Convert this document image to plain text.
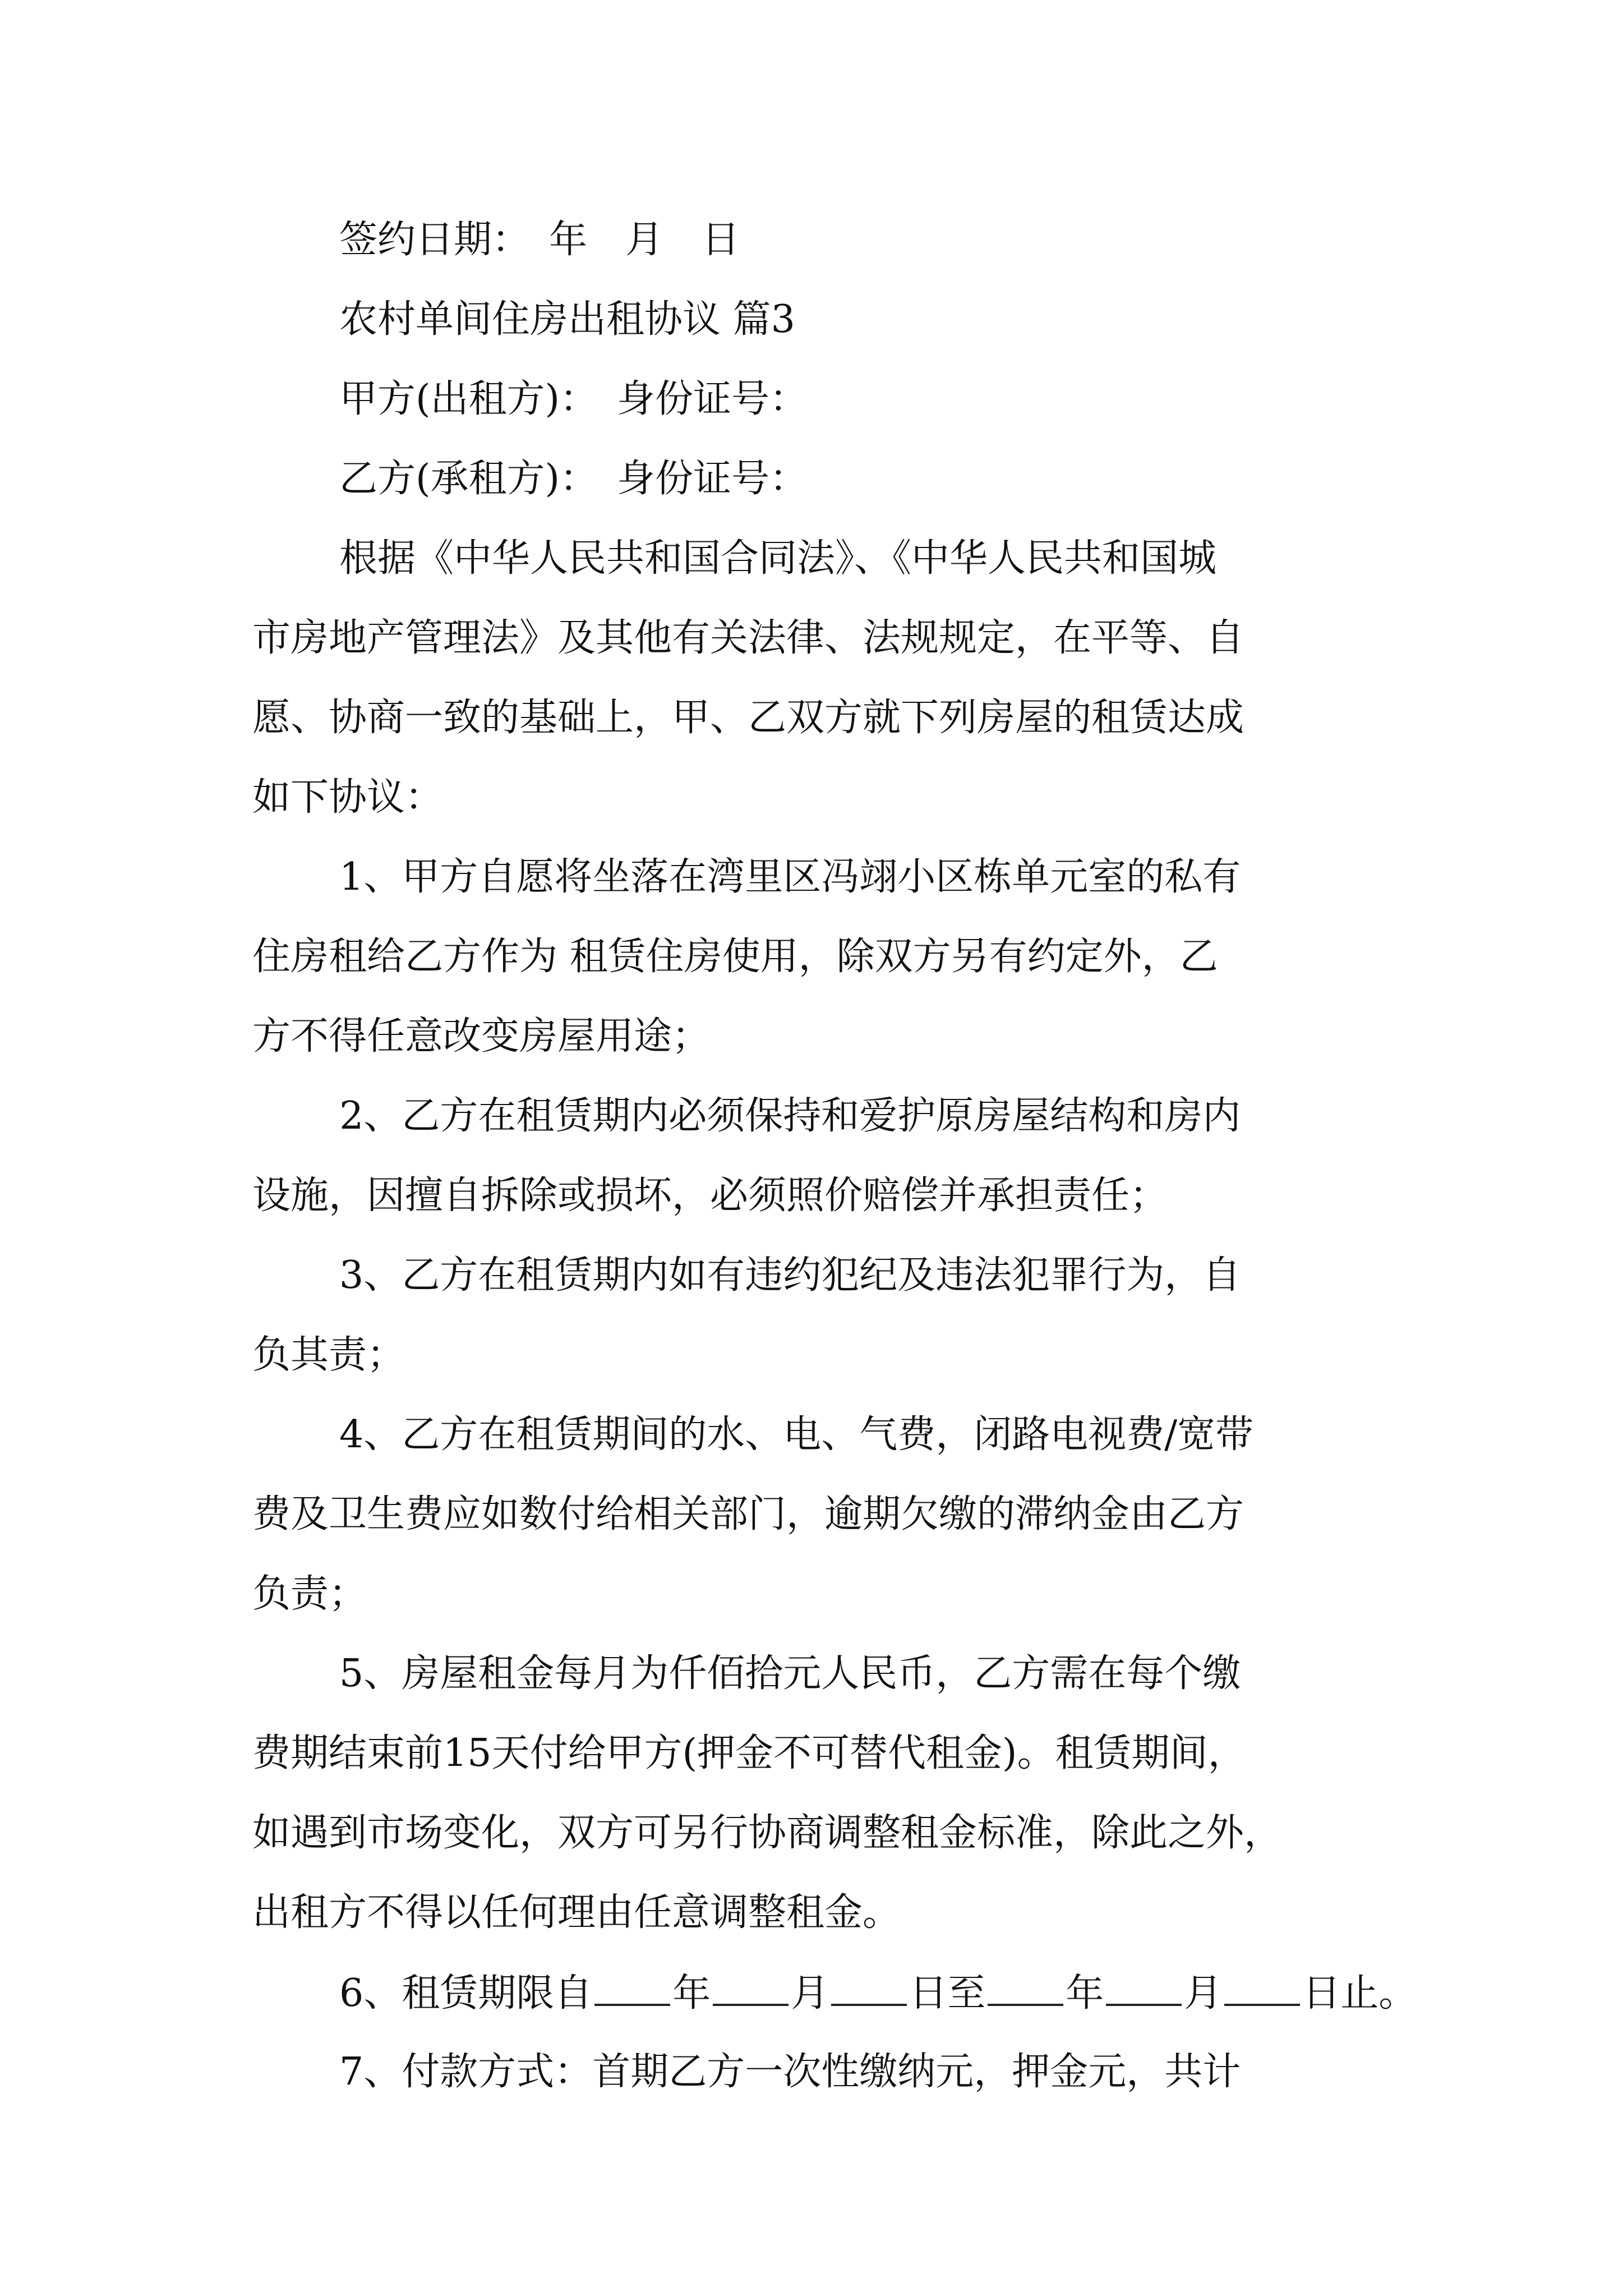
签约日期：　年　月　日
农村单间住房出租协议 篇3
甲方(出租方)：　身份证号：
乙方(承租方)：　身份证号：
根据《中华人民共和国合同法》、《中华人民共和国城
市房地产管理法》及其他有关法律、法规规定，在平等、自
愿、协商一致的基础上，甲、乙双方就下列房屋的租赁达成
如下协议：
1、甲方自愿将坐落在湾里区冯翊小区栋单元室的私有
住房租给乙方作为 租赁住房使用，除双方另有约定外，乙
方不得任意改变房屋用途；
2、乙方在租赁期内必须保持和爱护原房屋结构和房内
设施，因擅自拆除或损坏，必须照价赔偿并承担责任；
3、乙方在租赁期内如有违约犯纪及违法犯罪行为，自
负其责；
4、乙方在租赁期间的水、电、气费，闭路电视费/宽带
费及卫生费应如数付给相关部门，逾期欠缴的滞纳金由乙方
负责；
5、房屋租金每月为仟佰拾元人民币，乙方需在每个缴
费期结束前15天付给甲方(押金不可替代租金)。租赁期间，
如遇到市场变化，双方可另行协商调整租金标准，除此之外，
出租方不得以任何理由任意调整租金。
6、租赁期限自 年 月 日至 年 月 日止。
7、付款方式：首期乙方一次性缴纳元，押金元，共计
